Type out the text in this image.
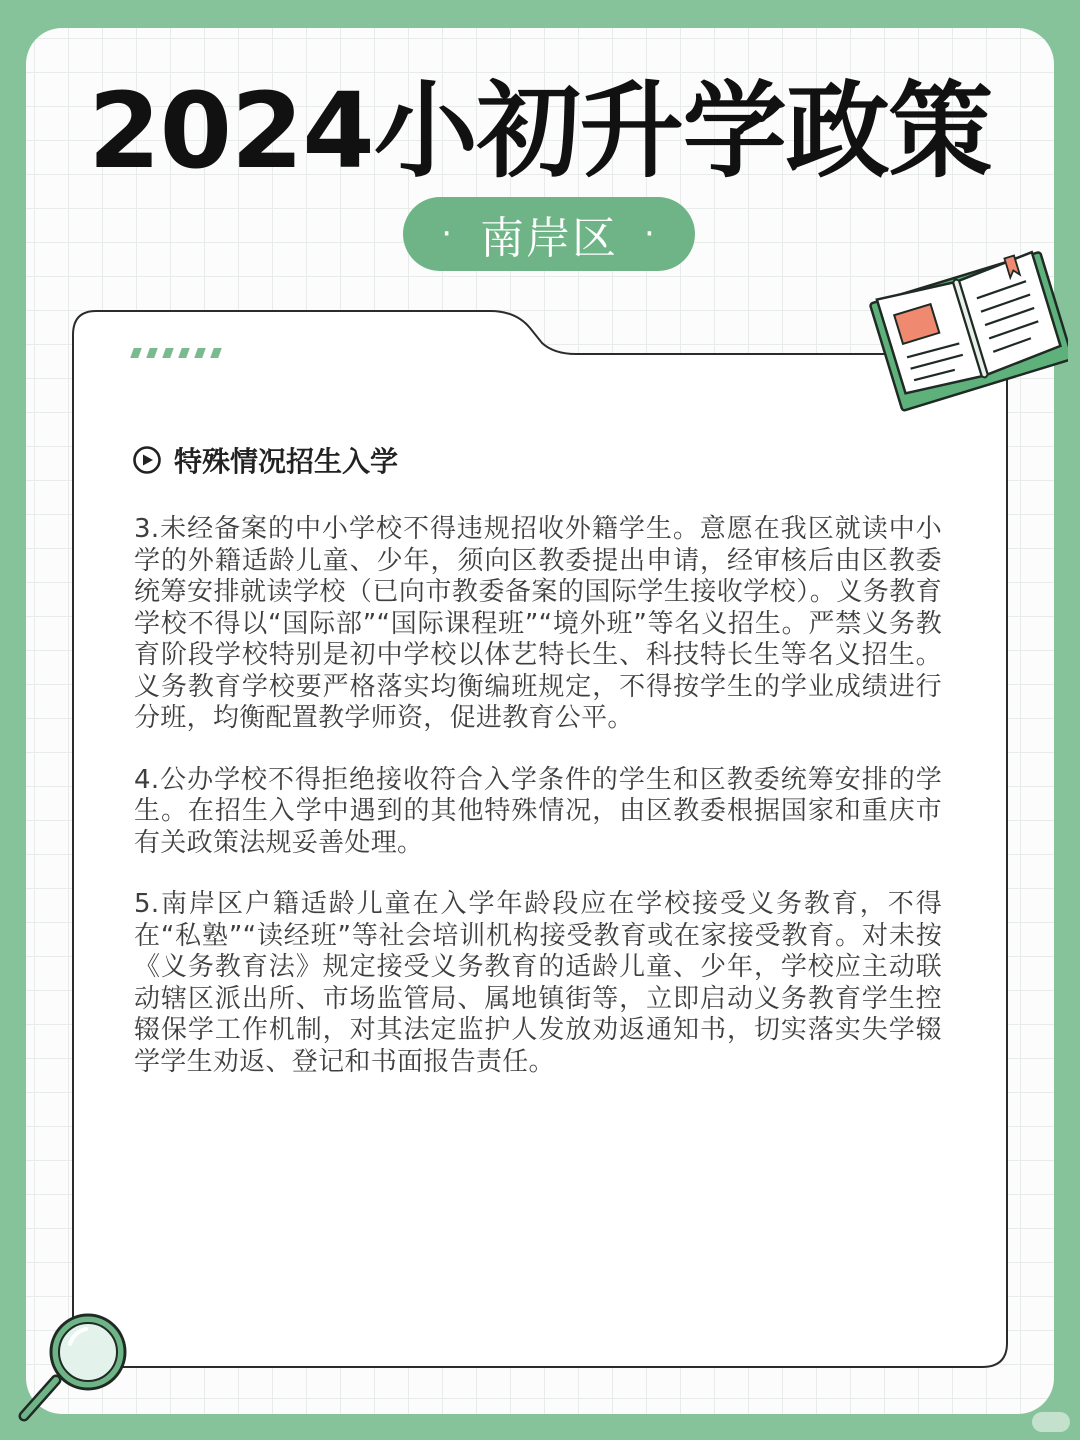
2024小初升学政策
· 南岸区 ·
特殊情况招生入学

3.未经备案的中小学校不得违规招收外籍学生。意愿在我区就读中小学的外籍适龄儿童、少年，须向区教委提出申请，经审核后由区教委统筹安排就读学校（已向市教委备案的国际学生接收学校）。义务教育学校不得以“国际部”“国际课程班”“境外班”等名义招生。严禁义务教育阶段学校特别是初中学校以体艺特长生、科技特长生等名义招生。义务教育学校要严格落实均衡编班规定，不得按学生的学业成绩进行分班，均衡配置教学师资，促进教育公平。

4.公办学校不得拒绝接收符合入学条件的学生和区教委统筹安排的学生。在招生入学中遇到的其他特殊情况，由区教委根据国家和重庆市有关政策法规妥善处理。

5.南岸区户籍适龄儿童在入学年龄段应在学校接受义务教育，不得在“私塾”“读经班”等社会培训机构接受教育或在家接受教育。对未按《义务教育法》规定接受义务教育的适龄儿童、少年，学校应主动联动辖区派出所、市场监管局、属地镇街等，立即启动义务教育学生控辍保学工作机制，对其法定监护人发放劝返通知书，切实落实失学辍学学生劝返、登记和书面报告责任。
